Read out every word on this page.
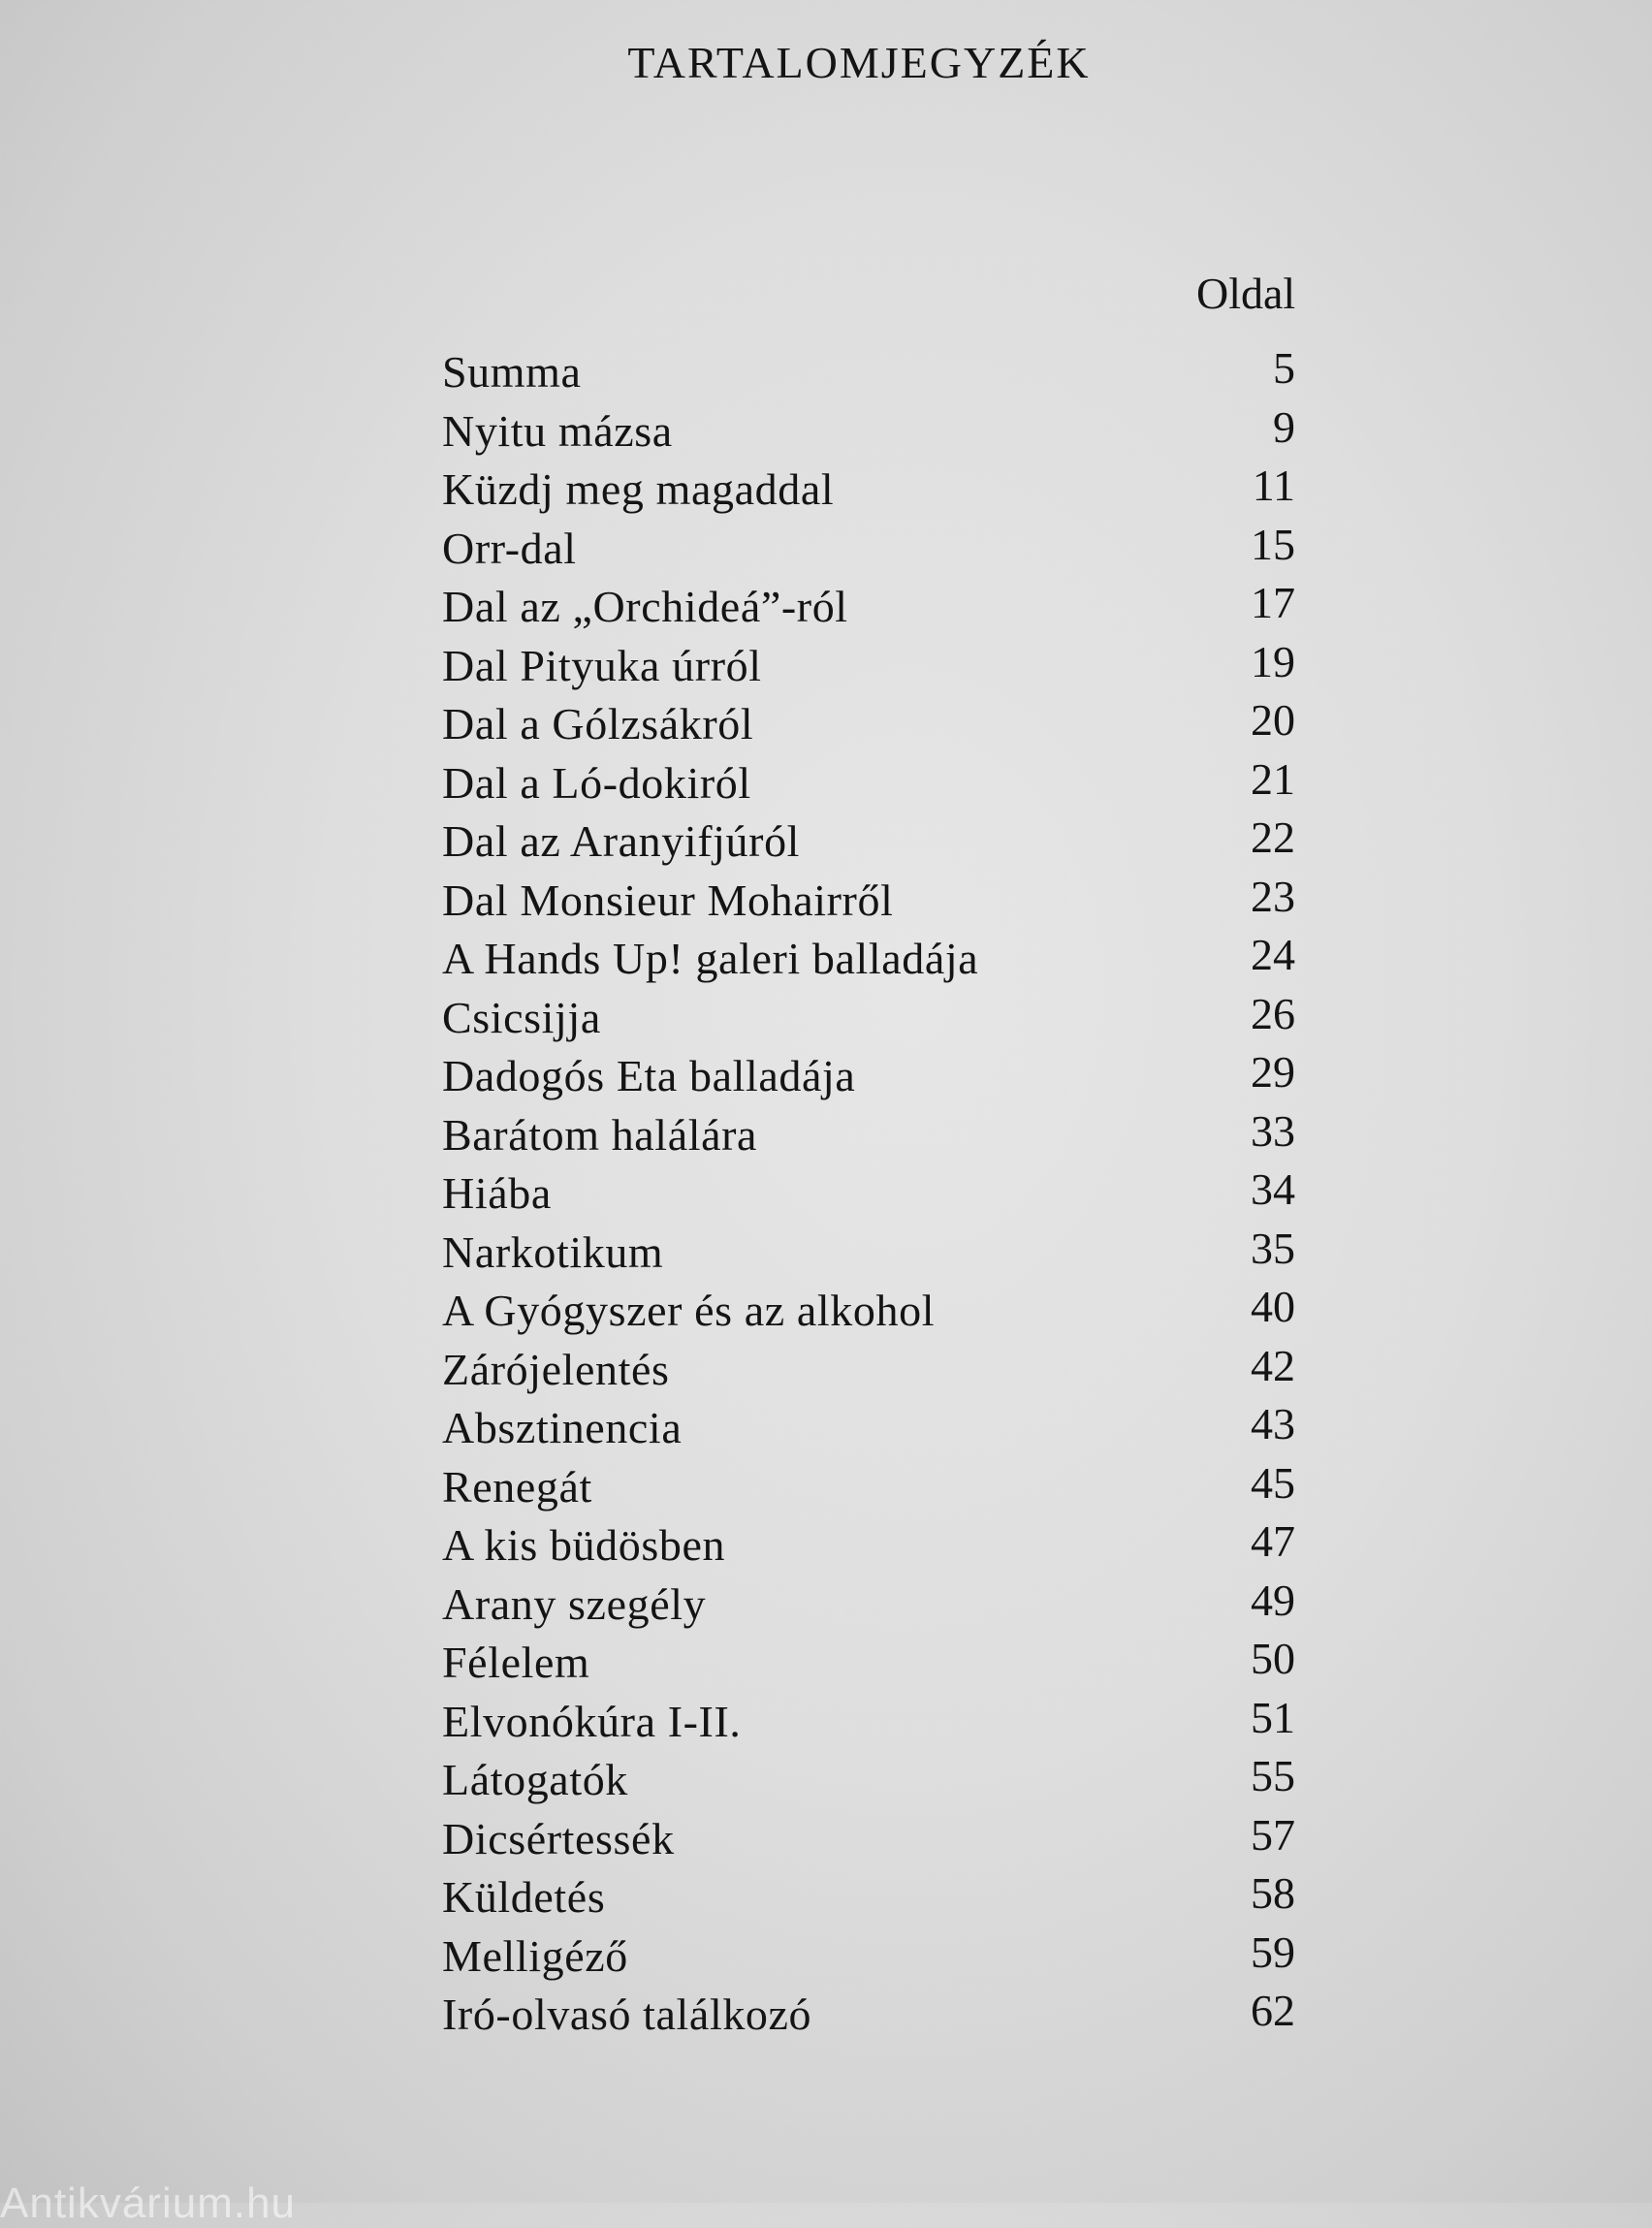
TARTALOMJEGYZÉK
Oldal
Summa	5
Nyitu mázsa	9
Küzdj meg magaddal	11
Orr-dal	15
Dal az „Orchideá”-ról	17
Dal Pityuka úrról	19
Dal a Gólzsákról	20
Dal a Ló-dokiról	21
Dal az Aranyifjúról	22
Dal Monsieur Mohairről	23
A Hands Up! galeri balladája	24
Csicsijja	26
Dadogós Eta balladája	29
Barátom halálára	33
Hiába	34
Narkotikum	35
A Gyógyszer és az alkohol	40
Zárójelentés	42
Absztinencia	43
Renegát	45
A kis büdösben	47
Arany szegély	49
Félelem	50
Elvonókúra I-II.	51
Látogatók	55
Dicsértessék	57
Küldetés	58
Melligéző	59
Iró-olvasó találkozó	62
Antikvárium.hu
